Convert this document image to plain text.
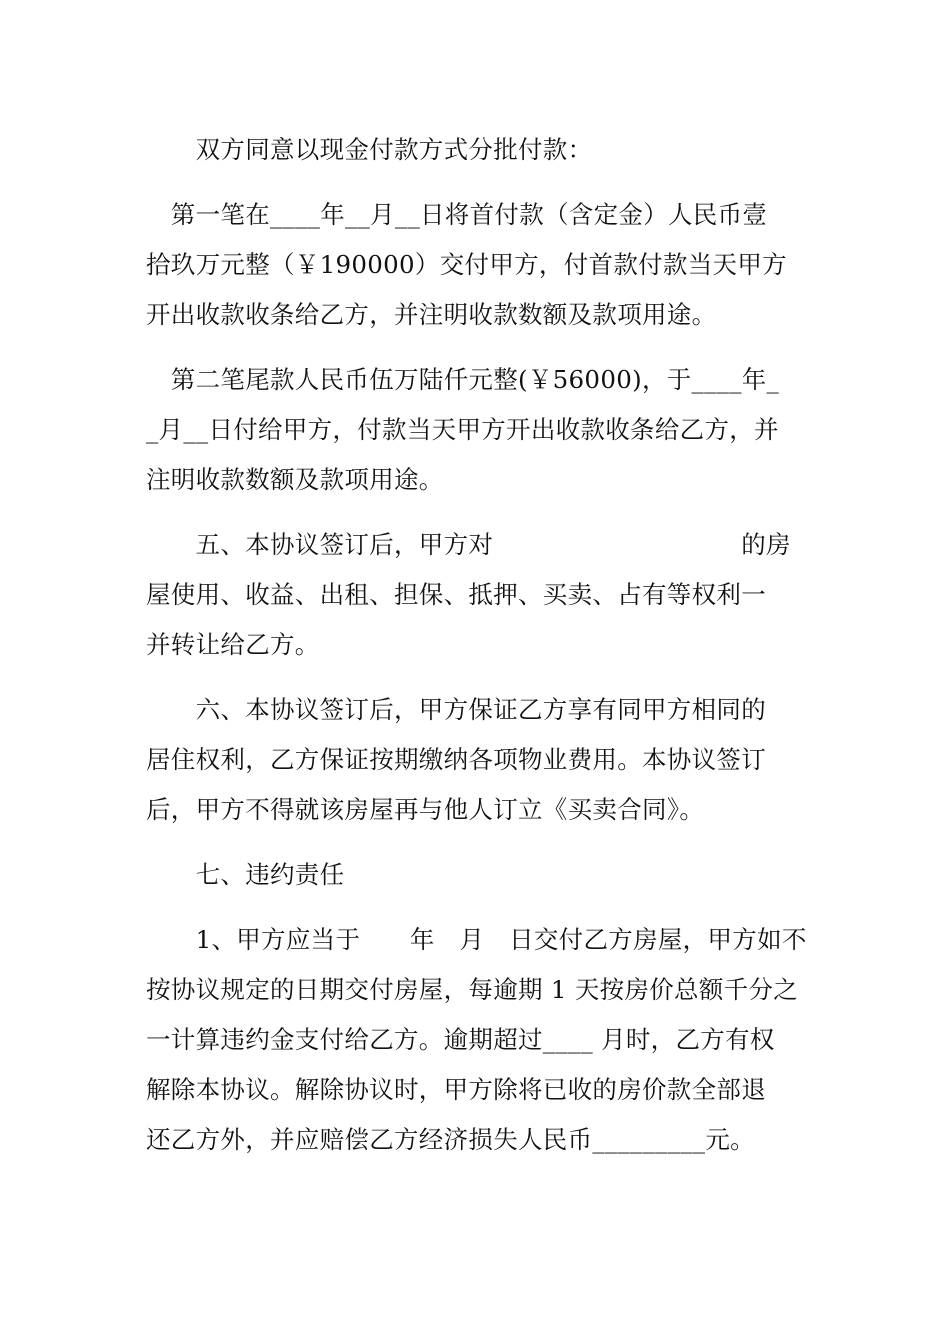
　　双方同意以现金付款方式分批付款：
　第一笔在____年__月__日将首付款（含定金）人民币壹
拾玖万元整（￥190000）交付甲方，付首款付款当天甲方
开出收款收条给乙方，并注明收款数额及款项用途。
　第二笔尾款人民币伍万陆仟元整(￥56000)，于____年_
_月__日付给甲方，付款当天甲方开出收款收条给乙方，并
注明收款数额及款项用途。
　　五、本协议签订后，甲方对　　　　　　　　　　的房
屋使用、收益、出租、担保、抵押、买卖、占有等权利一
并转让给乙方。
　　六、本协议签订后，甲方保证乙方享有同甲方相同的
居住权利，乙方保证按期缴纳各项物业费用。本协议签订
后，甲方不得就该房屋再与他人订立《买卖合同》。
　　七、违约责任
　　1、甲方应当于　　年　月　日交付乙方房屋，甲方如不
按协议规定的日期交付房屋，每逾期 1 天按房价总额千分之
一计算违约金支付给乙方。逾期超过____ 月时，乙方有权
解除本协议。解除协议时，甲方除将已收的房价款全部退
还乙方外，并应赔偿乙方经济损失人民币_________元。
